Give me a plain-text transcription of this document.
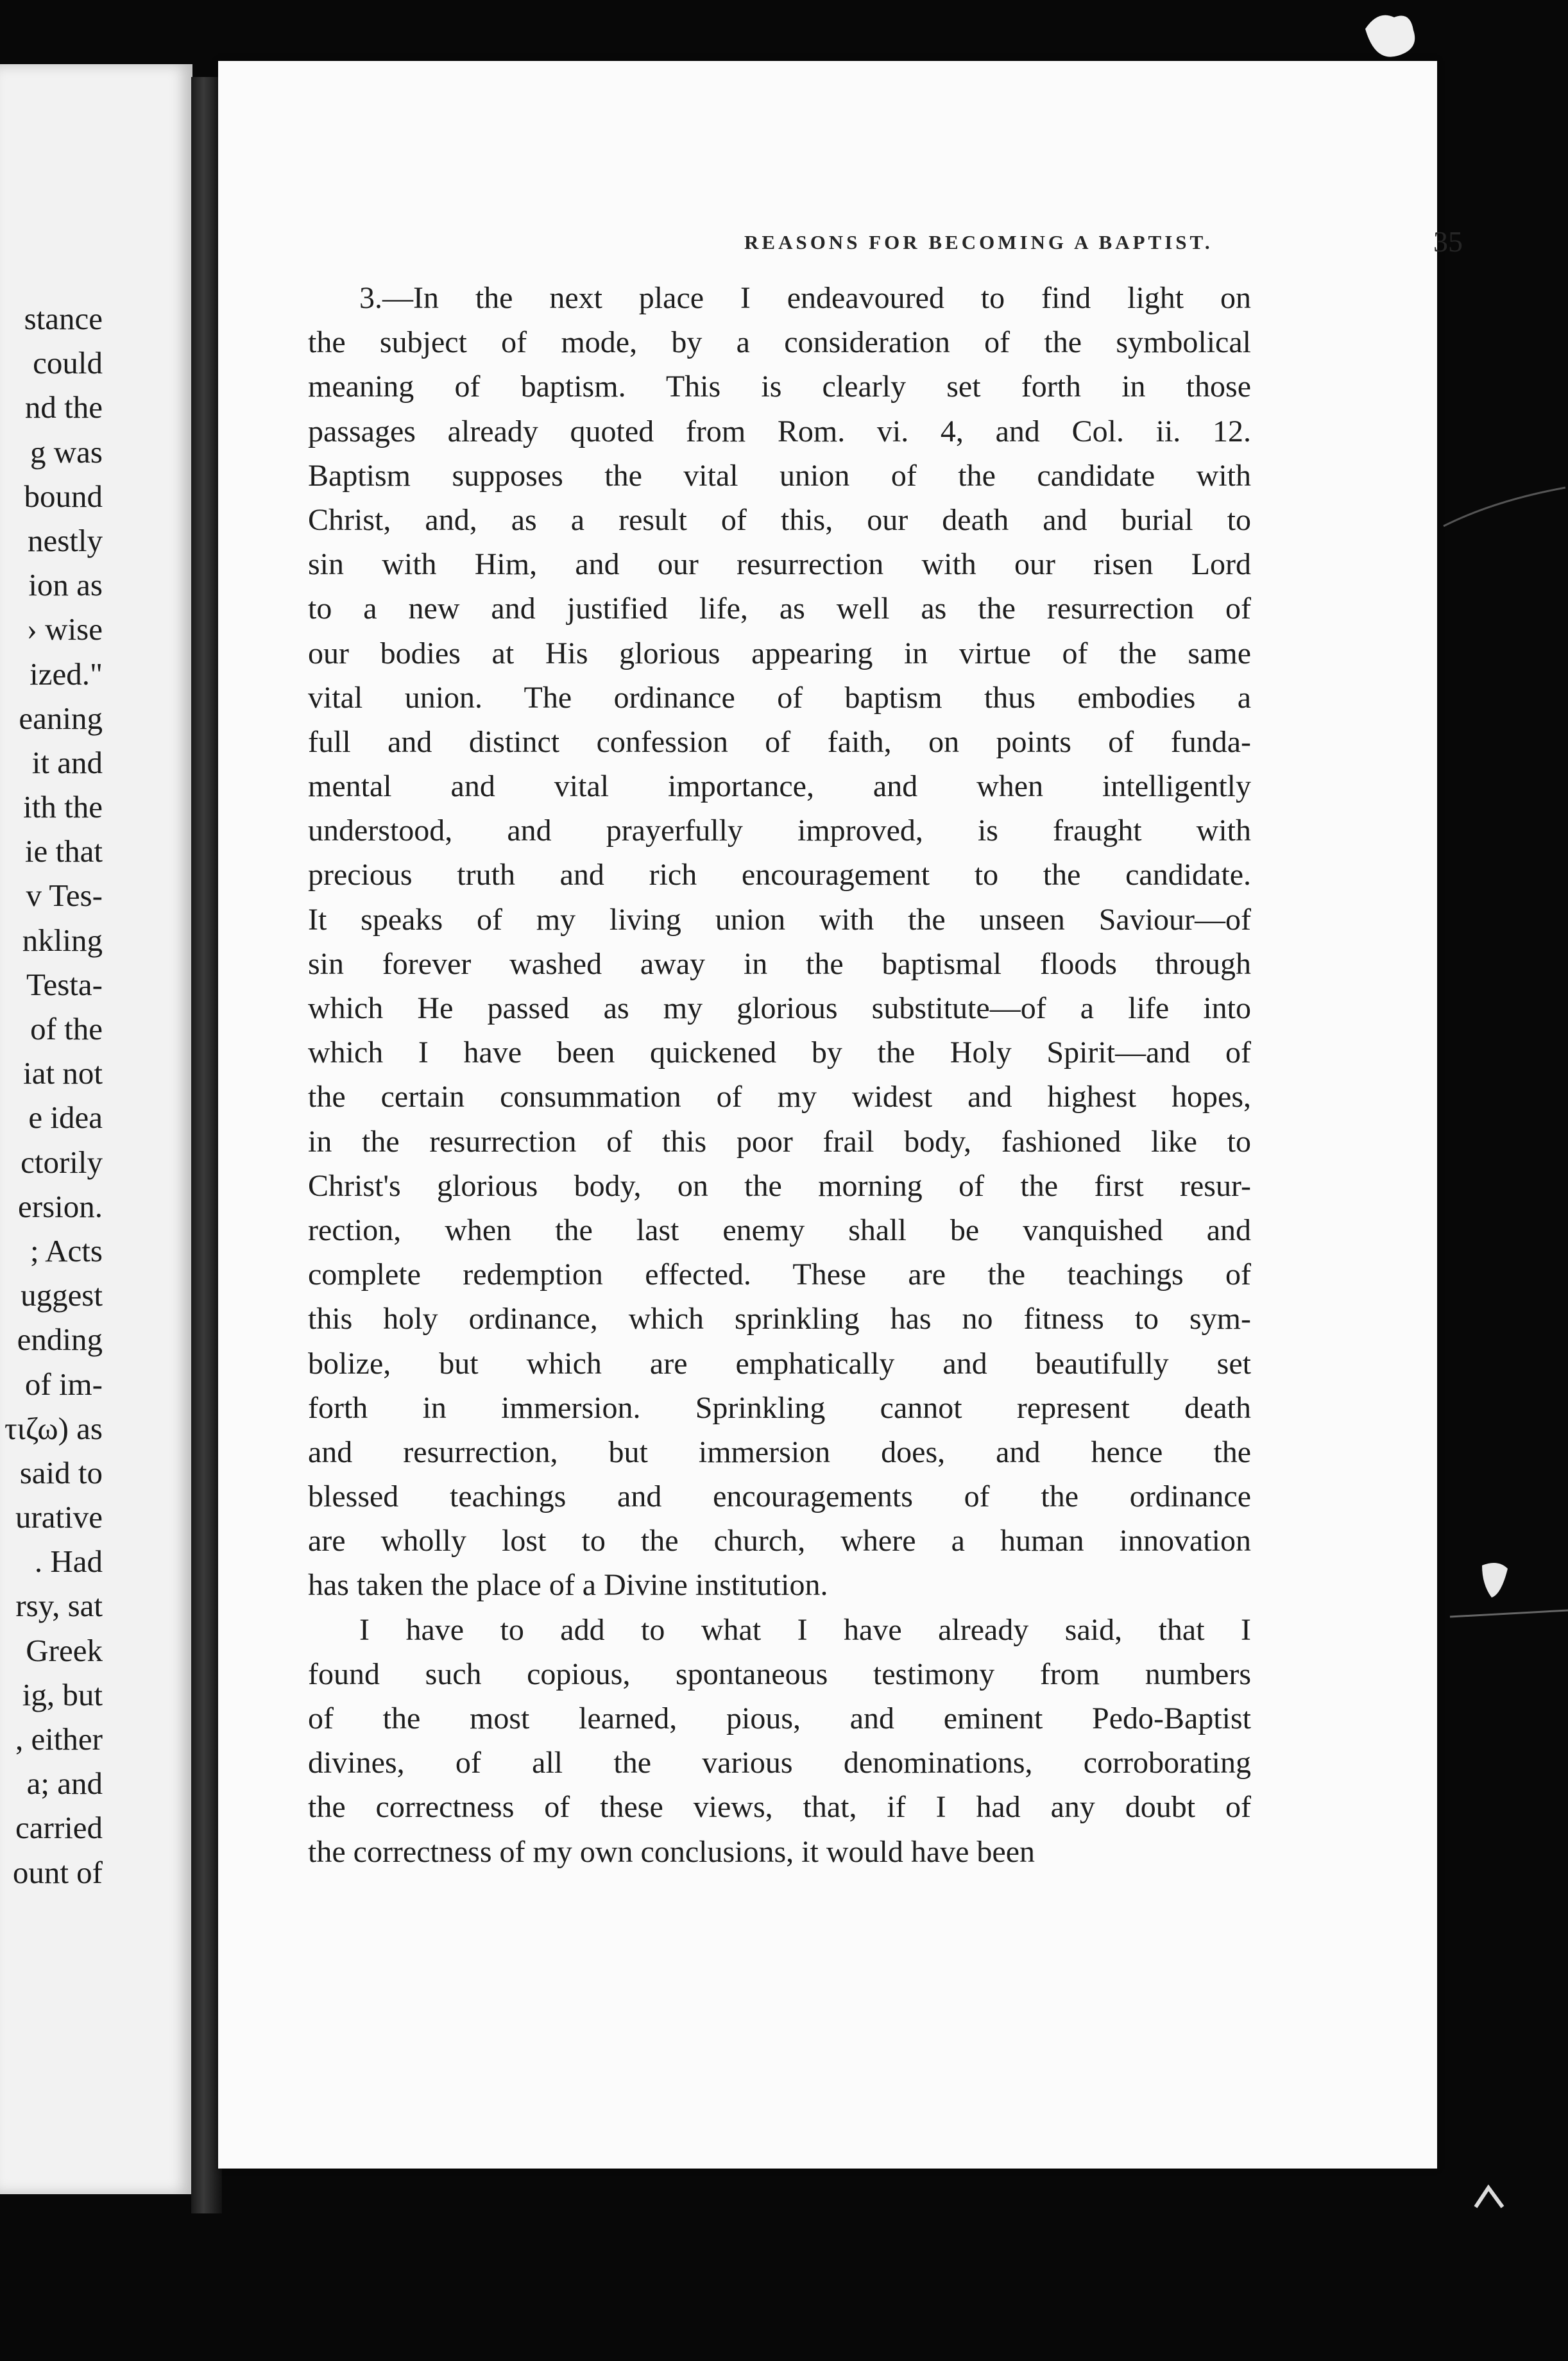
stance
could
nd the
g was
bound
nestly
ion as
› wise
ized."
eaning
it and
ith the
ie that
v Tes-
nkling
Testa-
of the
iat not
e idea
ctorily
ersion.
; Acts
uggest
ending
of im-
τιζω) as
said to
urative
. Had
rsy, sat
Greek
ig, but
, either
a; and
carried
ount of
REASONS FOR BECOMING A BAPTIST.	35
3.—In the next place I endeavoured to find light on
the subject of mode, by a consideration of the symbolical
meaning of baptism. This is clearly set forth in those
passages already quoted from Rom. vi. 4, and Col. ii. 12.
Baptism supposes the vital union of the candidate with
Christ, and, as a result of this, our death and burial to
sin with Him, and our resurrection with our risen Lord
to a new and justified life, as well as the resurrection of
our bodies at His glorious appearing in virtue of the same
vital union. The ordinance of baptism thus embodies a
full and distinct confession of faith, on points of funda-
mental and vital importance, and when intelligently
understood, and prayerfully improved, is fraught with
precious truth and rich encouragement to the candidate.
It speaks of my living union with the unseen Saviour—of
sin forever washed away in the baptismal floods through
which He passed as my glorious substitute—of a life into
which I have been quickened by the Holy Spirit—and of
the certain consummation of my widest and highest hopes,
in the resurrection of this poor frail body, fashioned like to
Christ's glorious body, on the morning of the first resur-
rection, when the last enemy shall be vanquished and
complete redemption effected. These are the teachings of
this holy ordinance, which sprinkling has no fitness to sym-
bolize, but which are emphatically and beautifully set
forth in immersion. Sprinkling cannot represent death
and resurrection, but immersion does, and hence the
blessed teachings and encouragements of the ordinance
are wholly lost to the church, where a human innovation
has taken the place of a Divine institution.
I have to add to what I have already said, that I
found such copious, spontaneous testimony from numbers
of the most learned, pious, and eminent Pedo-Baptist
divines, of all the various denominations, corroborating
the correctness of these views, that, if I had any doubt of
the correctness of my own conclusions, it would have been
